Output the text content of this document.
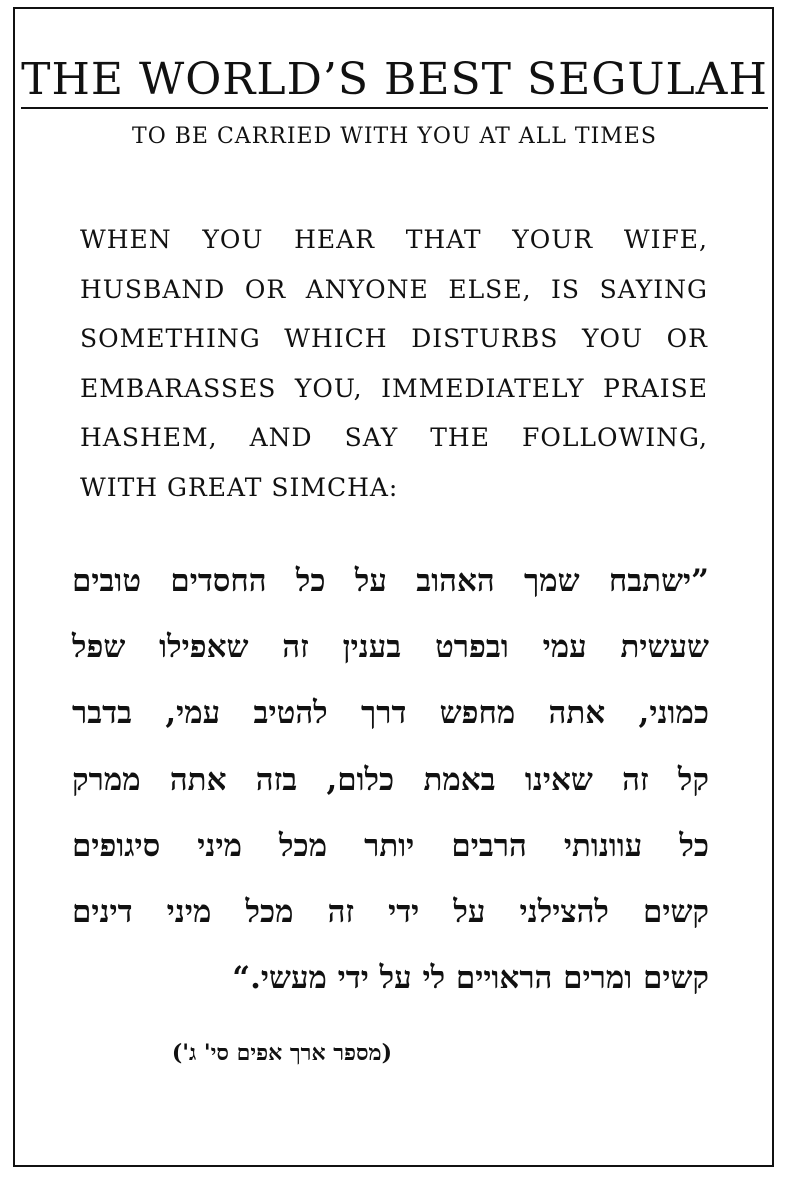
THE WORLD’S BEST SEGULAH
TO BE CARRIED WITH YOU AT ALL TIMES
WHEN YOU HEAR THAT YOUR WIFE,
HUSBAND OR ANYONE ELSE, IS SAYING
SOMETHING WHICH DISTURBS YOU OR
EMBARASSES YOU, IMMEDIATELY PRAISE
HASHEM, AND SAY THE FOLLOWING,
WITH GREAT SIMCHA:
”ישתבח שמך האהוב על כל החסדים טובים
שעשית עמי ובפרט בענין זה שאפילו שפל
כמוני, אתה מחפש דרך להטיב עמי, בדבר
קל זה שאינו באמת כלום, בזה אתה ממרק
כל עוונותי הרבים יותר מכל מיני סיגופים
קשים להצילני על ידי זה מכל מיני דינים
קשים ומרים הראויים לי על ידי מעשי.“
(מספר ארך אפים סי' ג')
